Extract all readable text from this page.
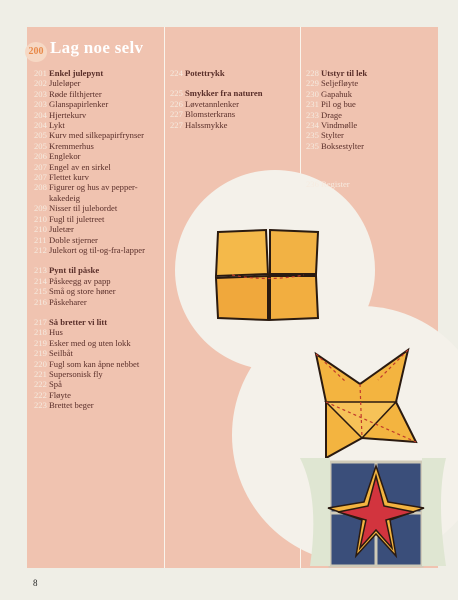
200 Lag noe selv
201 Enkel julepynt
202 Juleløper
203 Røde filthjerter
203 Glanspapirlenker
204 Hjertekurv
204 Lykt
205 Kurv med silkepapirfrynser
205 Kremmerhus
206 Englekor
207 Engel av en sirkel
207 Flettet kurv
208 Figurer og hus av pepper-
kakedeig
209 Nisser til julebordet
210 Fugl til juletreet
210 Juletær
211 Doble stjerner
212 Julekort og til-og-fra-lapper
213 Pynt til påske
214 Påskeegg av papp
215 Små og store høner
216 Påskeharer
217 Så bretter vi litt
218 Hus
219 Esker med og uten lokk
219 Seilbåt
220 Fugl som kan åpne nebbet
221 Supersonisk fly
222 Spå
222 Fløyte
223 Brettet beger
224 Potettrykk
225 Smykker fra naturen
226 Løvetannlenker
227 Blomsterkrans
227 Halssmykke
228 Utstyr til lek
229 Seljefløyte
230 Gapahuk
231 Pil og bue
233 Drage
234 Vindmølle
235 Stylter
235 Boksestylter
236 Register
8
